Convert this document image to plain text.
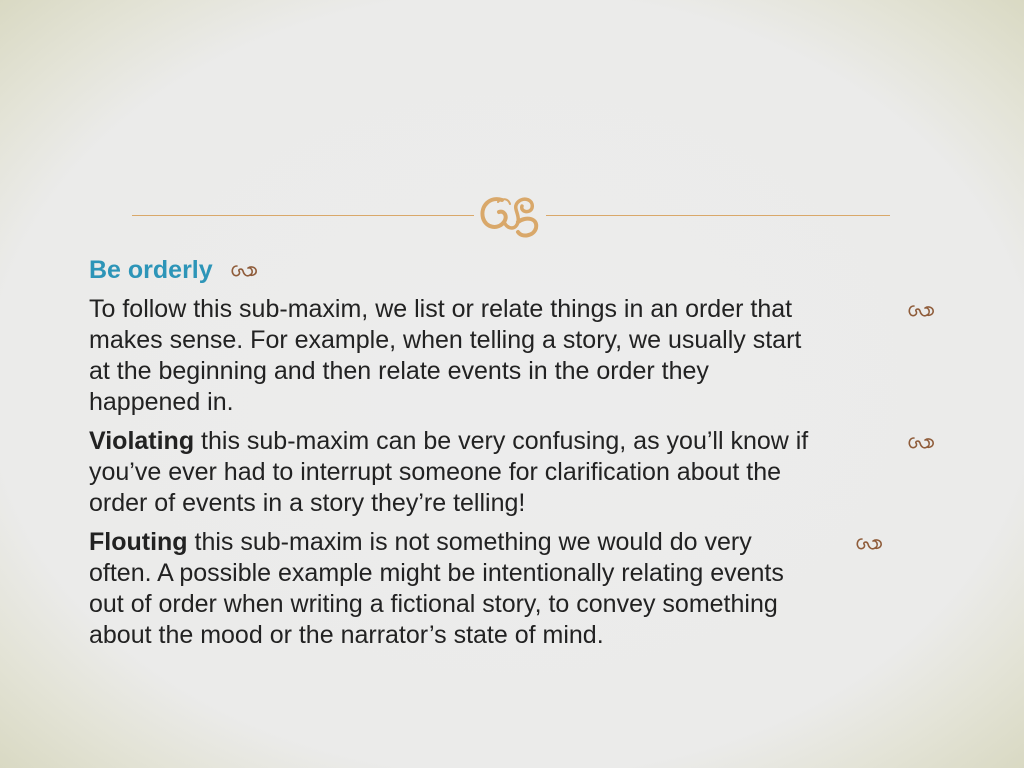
Be orderly
To follow this sub-maxim, we list or relate things in an order that
makes sense. For example, when telling a story, we usually start
at the beginning and then relate events in the order they
happened in.
Violating this sub-maxim can be very confusing, as you’ll know if
you’ve ever had to interrupt someone for clarification about the
order of events in a story they’re telling!
Flouting this sub-maxim is not something we would do very
often. A possible example might be intentionally relating events
out of order when writing a fictional story, to convey something
about the mood or the narrator’s state of mind.
